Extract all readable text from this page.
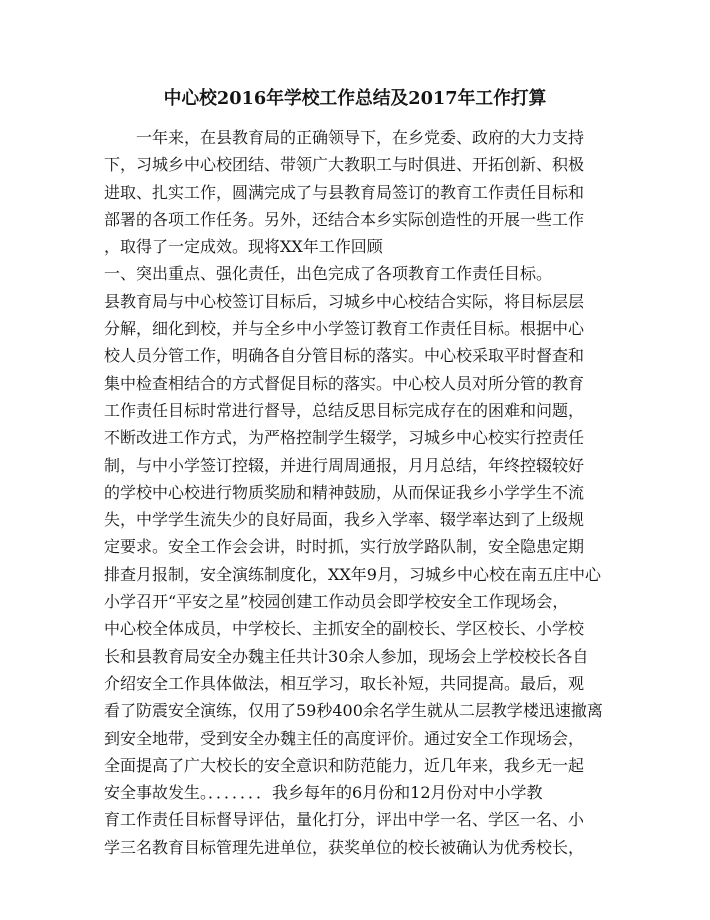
中心校2016年学校工作总结及2017年工作打算
　　一年来，在县教育局的正确领导下，在乡党委、政府的大力支持
下，习城乡中心校团结、带领广大教职工与时俱进、开拓创新、积极
进取、扎实工作，圆满完成了与县教育局签订的教育工作责任目标和
部署的各项工作任务。另外，还结合本乡实际创造性的开展一些工作
，取得了一定成效。现将XX年工作回顾
一、突出重点、强化责任，出色完成了各项教育工作责任目标。
县教育局与中心校签订目标后，习城乡中心校结合实际，将目标层层
分解，细化到校，并与全乡中小学签订教育工作责任目标。根据中心
校人员分管工作，明确各自分管目标的落实。中心校采取平时督查和
集中检查相结合的方式督促目标的落实。中心校人员对所分管的教育
工作责任目标时常进行督导，总结反思目标完成存在的困难和问题，
不断改进工作方式，为严格控制学生辍学，习城乡中心校实行控责任
制，与中小学签订控辍，并进行周周通报，月月总结，年终控辍较好
的学校中心校进行物质奖励和精神鼓励，从而保证我乡小学学生不流
失，中学学生流失少的良好局面，我乡入学率、辍学率达到了上级规
定要求。安全工作会会讲，时时抓，实行放学路队制，安全隐患定期
排查月报制，安全演练制度化，XX年9月，习城乡中心校在南五庄中心
小学召开“平安之星”校园创建工作动员会即学校安全工作现场会，
中心校全体成员，中学校长、主抓安全的副校长、学区校长、小学校
长和县教育局安全办魏主任共计30余人参加，现场会上学校校长各自
介绍安全工作具体做法，相互学习，取长补短，共同提高。最后，观
看了防震安全演练，仅用了59秒400余名学生就从二层教学楼迅速撤离
到安全地带，受到安全办魏主任的高度评价。通过安全工作现场会，
全面提高了广大校长的安全意识和防范能力，近几年来，我乡无一起
安全事故发生。．．．．．．．我乡每年的6月份和12月份对中小学教
育工作责任目标督导评估，量化打分，评出中学一名、学区一名、小
学三名教育目标管理先进单位，获奖单位的校长被确认为优秀校长，
